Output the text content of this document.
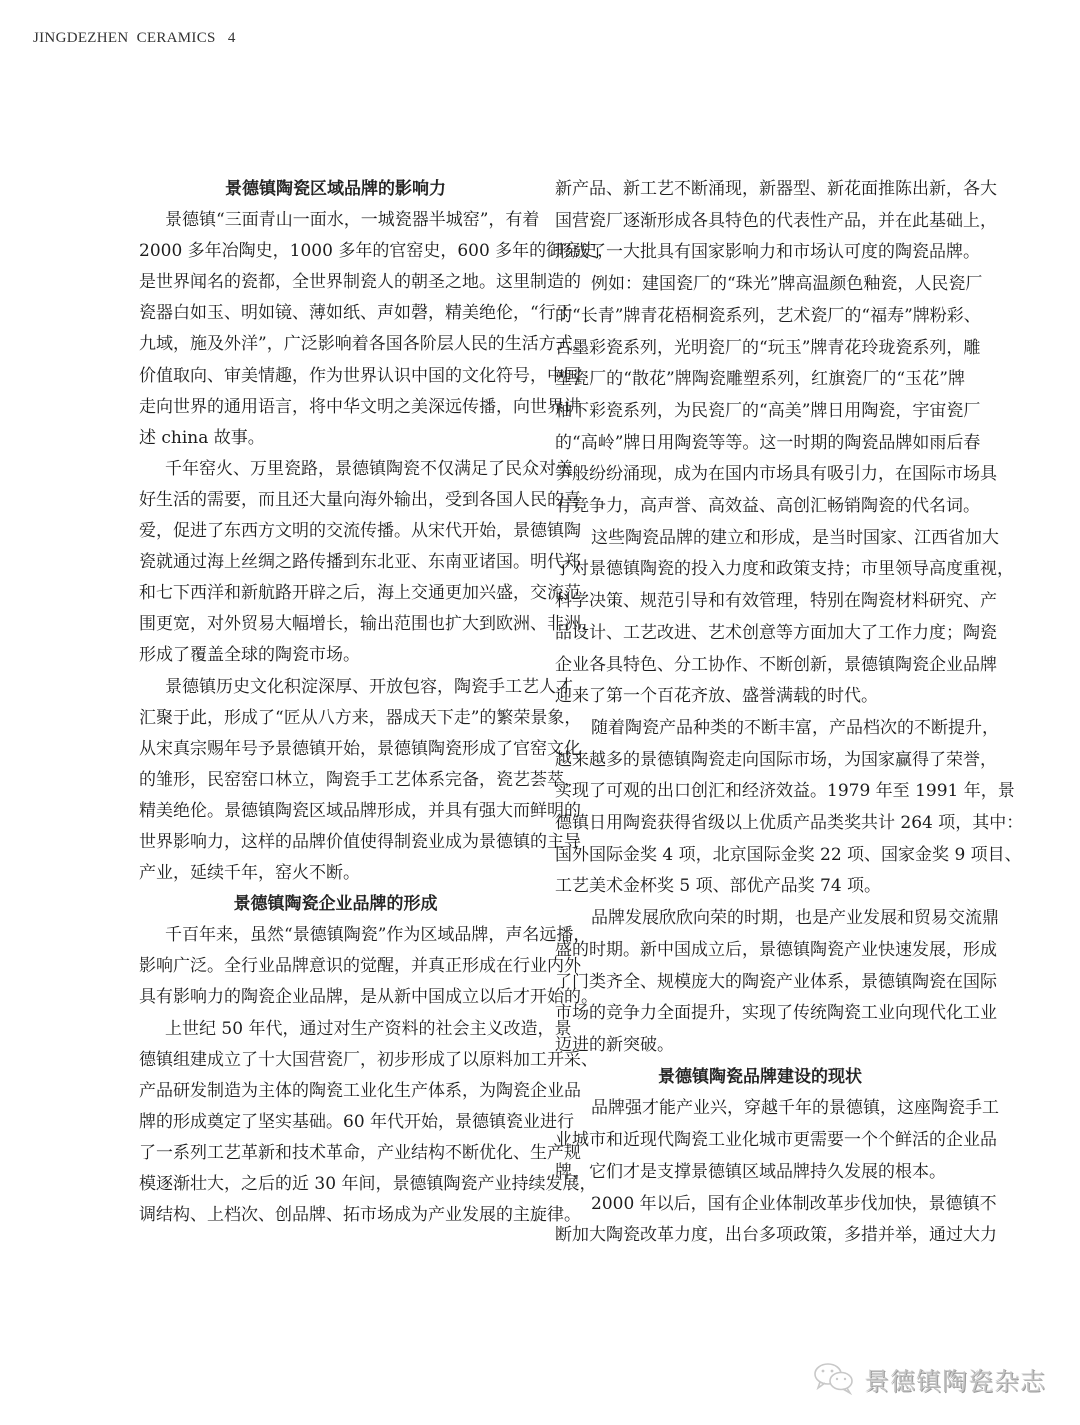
JINGDEZHEN  CERAMICS   4
景德镇陶瓷区域品牌的影响力
景德镇“三面青山一面水，一城瓷器半城窑”，有着
2000 多年冶陶史，1000 多年的官窑史，600 多年的御窑史，
是世界闻名的瓷都，全世界制瓷人的朝圣之地。这里制造的
瓷器白如玉、明如镜、薄如纸、声如磬，精美绝伦，“行于
九域，施及外洋”，广泛影响着各国各阶层人民的生活方式、
价值取向、审美情趣，作为世界认识中国的文化符号，中国
走向世界的通用语言，将中华文明之美深远传播，向世界讲
述 china 故事。
千年窑火、万里瓷路，景德镇陶瓷不仅满足了民众对美
好生活的需要，而且还大量向海外输出，受到各国人民的喜
爱，促进了东西方文明的交流传播。从宋代开始，景德镇陶
瓷就通过海上丝绸之路传播到东北亚、东南亚诸国。明代郑
和七下西洋和新航路开辟之后，海上交通更加兴盛，交流范
围更宽，对外贸易大幅增长，输出范围也扩大到欧洲、非洲，
形成了覆盖全球的陶瓷市场。
景德镇历史文化积淀深厚、开放包容，陶瓷手工艺人才
汇聚于此，形成了“匠从八方来，器成天下走”的繁荣景象，
从宋真宗赐年号予景德镇开始，景德镇陶瓷形成了官窑文化
的雏形，民窑窑口林立，陶瓷手工艺体系完备，瓷艺荟萃，
精美绝伦。景德镇陶瓷区域品牌形成，并具有强大而鲜明的
世界影响力，这样的品牌价值使得制瓷业成为景德镇的主导
产业，延续千年，窑火不断。
景德镇陶瓷企业品牌的形成
千百年来，虽然“景德镇陶瓷”作为区域品牌，声名远播，
影响广泛。全行业品牌意识的觉醒，并真正形成在行业内外
具有影响力的陶瓷企业品牌，是从新中国成立以后才开始的。
上世纪 50 年代，通过对生产资料的社会主义改造，景
德镇组建成立了十大国营瓷厂，初步形成了以原料加工开采、
产品研发制造为主体的陶瓷工业化生产体系，为陶瓷企业品
牌的形成奠定了坚实基础。60 年代开始，景德镇瓷业进行
了一系列工艺革新和技术革命，产业结构不断优化、生产规
模逐渐壮大，之后的近 30 年间，景德镇陶瓷产业持续发展，
调结构、上档次、创品牌、拓市场成为产业发展的主旋律。
新产品、新工艺不断涌现，新器型、新花面推陈出新，各大
国营瓷厂逐渐形成各具特色的代表性产品，并在此基础上，
形成了一大批具有国家影响力和市场认可度的陶瓷品牌。
例如：建国瓷厂的“珠光”牌高温颜色釉瓷，人民瓷厂
的“长青”牌青花梧桐瓷系列，艺术瓷厂的“福寿”牌粉彩、
古墨彩瓷系列，光明瓷厂的“玩玉”牌青花玲珑瓷系列，雕
塑瓷厂的“散花”牌陶瓷雕塑系列，红旗瓷厂的“玉花”牌
釉下彩瓷系列，为民瓷厂的“高美”牌日用陶瓷，宇宙瓷厂
的“高岭”牌日用陶瓷等等。这一时期的陶瓷品牌如雨后春
笋般纷纷涌现，成为在国内市场具有吸引力，在国际市场具
有竞争力，高声誉、高效益、高创汇畅销陶瓷的代名词。
这些陶瓷品牌的建立和形成，是当时国家、江西省加大
了对景德镇陶瓷的投入力度和政策支持；市里领导高度重视，
科学决策、规范引导和有效管理，特别在陶瓷材料研究、产
品设计、工艺改进、艺术创意等方面加大了工作力度；陶瓷
企业各具特色、分工协作、不断创新，景德镇陶瓷企业品牌
迎来了第一个百花齐放、盛誉满载的时代。
随着陶瓷产品种类的不断丰富，产品档次的不断提升，
越来越多的景德镇陶瓷走向国际市场，为国家赢得了荣誉，
实现了可观的出口创汇和经济效益。1979 年至 1991 年，景
德镇日用陶瓷获得省级以上优质产品类奖共计 264 项，其中：
国外国际金奖 4 项，北京国际金奖 22 项、国家金奖 9 项目、
工艺美术金杯奖 5 项、部优产品奖 74 项。
品牌发展欣欣向荣的时期，也是产业发展和贸易交流鼎
盛的时期。新中国成立后，景德镇陶瓷产业快速发展，形成
了门类齐全、规模庞大的陶瓷产业体系，景德镇陶瓷在国际
市场的竞争力全面提升，实现了传统陶瓷工业向现代化工业
迈进的新突破。
景德镇陶瓷品牌建设的现状
品牌强才能产业兴，穿越千年的景德镇，这座陶瓷手工
业城市和近现代陶瓷工业化城市更需要一个个鲜活的企业品
牌，它们才是支撑景德镇区域品牌持久发展的根本。
2000 年以后，国有企业体制改革步伐加快，景德镇不
断加大陶瓷改革力度，出台多项政策，多措并举，通过大力
景德镇陶瓷杂志
